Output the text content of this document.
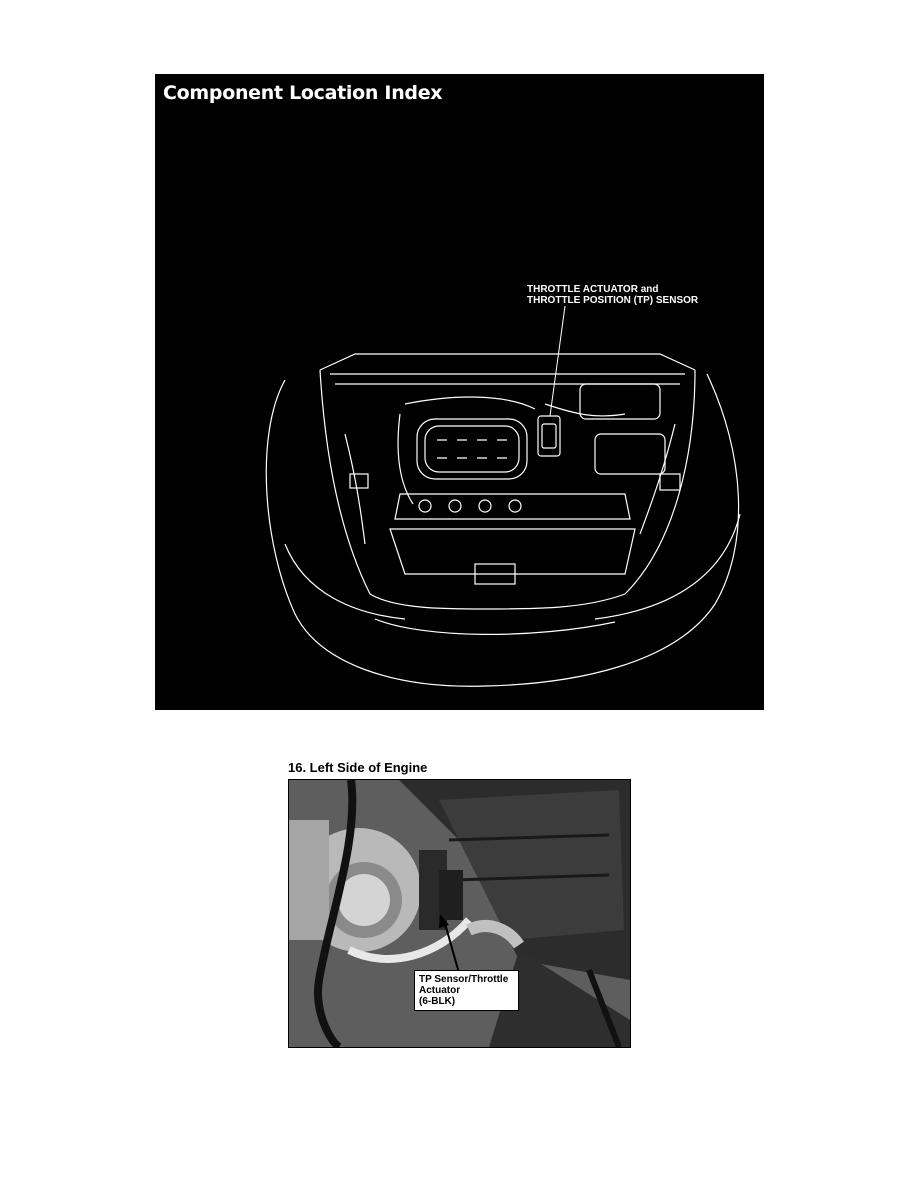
Component Location Index
THROTTLE ACTUATOR and
THROTTLE POSITION (TP) SENSOR
16. Left Side of Engine
TP Sensor/Throttle
Actuator
(6-BLK)
